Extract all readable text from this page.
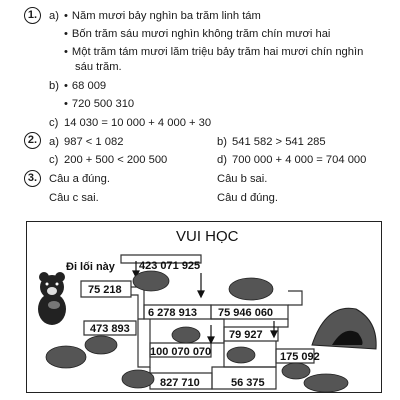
1.	a)	• Năm mươi bảy nghìn ba trăm linh tám
• Bốn trăm sáu mươi nghìn không trăm chín mươi hai
• Một trăm tám mươi lăm triệu bảy trăm hai mươi chín nghìn
sáu trăm.
b)	• 68 009
• 720 500 310
c) 14 030 = 10 000 + 4 000 + 30
2.	a) 987 < 1 082	b) 541 582 > 541 285
c) 200 + 500 < 200 500	d) 700 000 + 4 000 = 704 000
3.	Câu a đúng.	Câu b sai.
Câu c sai.	Câu d đúng.
VUI HỌC
Đi lối này 423 071 925
75 218
6 278 913 75 946 060
473 893	79 927
100 070 070	175 092
827 710	56 375
